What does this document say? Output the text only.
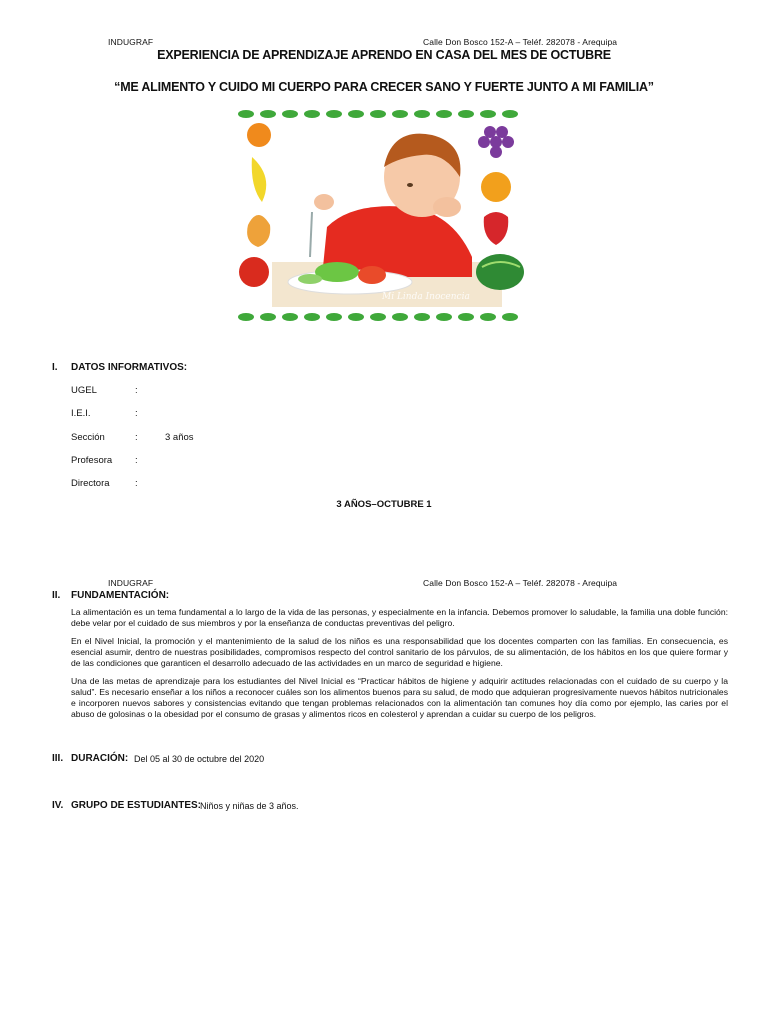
INDUGRAF	Calle Don Bosco 152-A – Teléf. 282078 - Arequipa
EXPERIENCIA DE APRENDIZAJE APRENDO EN CASA DEL MES DE OCTUBRE
“ME ALIMENTO Y CUIDO MI CUERPO PARA CRECER SANO Y FUERTE JUNTO A MI FAMILIA”
Mi Linda Inocencia
I. DATOS INFORMATIVOS:
UGEL	:
I.E.I.	:
Sección	:	3 años
Profesora :
Directora	:
3 AÑOS–OCTUBRE 1
INDUGRAF	Calle Don Bosco 152-A – Teléf. 282078 - Arequipa
II. FUNDAMENTACIÓN:
La alimentación es un tema fundamental a lo largo de la vida de las personas, y especialmente en la infancia. Debemos promover lo saludable, la familia una doble función: debe velar por el cuidado de sus miembros y por la enseñanza de conductas preventivas del peligro.
En el Nivel Inicial, la promoción y el mantenimiento de la salud de los niños es una responsabilidad que los docentes comparten con las familias. En consecuencia, es esencial asumir, dentro de nuestras posibilidades, compromisos respecto del control sanitario de los párvulos, de su alimentación, de los hábitos en los que quiere formar y de las condiciones que garanticen el desarrollo adecuado de las actividades en un marco de seguridad e higiene.
Una de las metas de aprendizaje para los estudiantes del Nivel Inicial es “Practicar hábitos de higiene y adquirir actitudes relacionadas con el cuidado de su cuerpo y la salud”. Es necesario enseñar a los niños a reconocer cuáles son los alimentos buenos para su salud, de modo que adquieran progresivamente nuevos hábitos nutricionales e incorporen nuevos sabores y consistencias evitando que tengan problemas relacionados con la alimentación tan comunes hoy día como por ejemplo, las caries por el abuso de golosinas o la obesidad por el consumo de grasas y alimentos ricos en colesterol y aprendan a cuidar su cuerpo de los peligros.
III. DURACIÓN: Del 05 al 30 de octubre del 2020
IV. GRUPO DE ESTUDIANTES:
Niños y niñas de 3 años.
